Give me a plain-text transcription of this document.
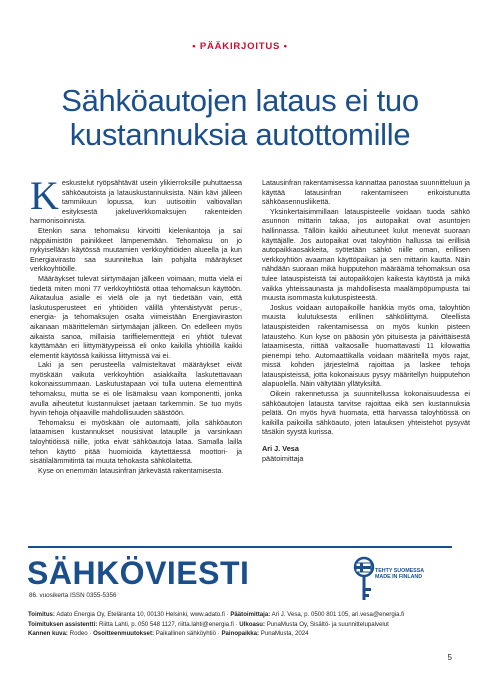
• PÄÄKIRJOITUS •
Sähköautojen lataus ei tuo
kustannuksia autottomille

Keskustelut ryöpsähtävät usein ylikierroksille puhuttaessa sähköautoista ja latauskustannuksista. Näin kävi jälleen tammikuun lopussa, kun uutisoitiin valtiovallan esityksestä jakeluverkkomaksujen rakenteiden harmonisoinnista.

Etenkin sana tehomaksu kirvoitti kielenkantoja ja sai näppäimistön painikkeet lämpenemään. Tehomaksu on jo nykyisellään käytössä muutamien verkkoyhtiöiden alueella ja kun Energiavirasto saa suunniteltua lain pohjalta määräykset verkkoyhtiöille.

Määräykset tulevat siirtymäajan jälkeen voimaan, mutta vielä ei tiedetä miten moni 77 verkkoyhtiöstä ottaa tehomaksun käyttöön. Aikataulua asialle ei vielä ole ja nyt tiedetään vain, että laskutusperusteet eri yhtiöiden välillä yhtenäistyvät perus-, energia- ja tehomaksujen osalta viimeistään Energiaviraston aikanaan määrittelemän siirtymäajan jälkeen. On edelleen myös aikaista sanoa, millaisia tariffielementtejä eri yhtiöt tulevat käyttämään eri liittymätyypeissä eli onko kaikilla yhtiöillä kaikki elementit käytössä kaikissa liittymissä vai ei.

Laki ja sen perusteella valmisteltavat määräykset eivät myöskään vaikuta verkkoyhtiön asiakkailta laskutettavaan kokonaissummaan. Laskutustapaan voi tulla uutena elementtinä tehomaksu, mutta se ei ole lisämaksu vaan komponentti, jonka avulla aiheutetut kustannukset jaetaan tarkemmin. Se tuo myös hyvin tehoja ohjaaville mahdollisuuden säästöön.

Tehomaksu ei myöskään ole automaatti, jolla sähköauton lataamisen kustannukset nousisivat latauplle ja varsinkaan taloyhtiöissä niille, jotka eivät sähköautoja lataa. Samalla lailla tehon käyttö pitää huomioida käytettäessä moottori- ja sisätilalämmitintä tai muuta tehokasta sähkölaitetta.

Kyse on enemmän latausinfran järkevästä rakentamisesta.

Latausinfran rakentamisessa kannattaa panostaa suunnitteluun ja käyttää latausinfran rakentamiseen erikoistunutta sähköasennusliikettä.

Yksinkertaisimmillaan latauspisteelle voidaan tuoda sähkö asunnon mittarin takaa, jos autopaikat ovat asuntojen hallinnassa. Tällöin kaikki aiheutuneet kulut menevät suoraan käyttäjälle. Jos autopaikat ovat taloyhtiön hallussa tai erillisiä autopaikkaosakkeita, syötetään sähkö niille oman, erillisen verkkoyhtiön avaaman käyttöpaikan ja sen mittarin kautta. Näin nähdään suoraan mikä huipputehon määräämä tehomaksun osa tulee latauspisteistä tai autopaikkojen kaikesta käytöstä ja mikä vaikka yhteissaunasta ja mahdollisesta maalämpöpumpusta tai muusta isommasta kulutuspisteestä.

Joskus voidaan autopaikoille hankkia myös oma, taloyhtiön muusta kulutuksesta erillinen sähköliittymä. Oleellista latauspisteiden rakentamisessa on myös kunkin pisteen latausteho. Kun kyse on pääosin yön pituisesta ja päivittäisestä lataamisesta, riittää valtaosalle huomattavasti 11 kilowattia pienempi teho. Automaattikalla voidaan määritellä myös rajat, missä kohden järjestelmä rajoittaa ja laskee tehoja latauspisteissä, jotta kokonaisuus pysyy määritellyn huipputehon alapuolella. Näin vältytään yllätyksiltä.

Oikein rakennetussa ja suunnitellussa kokonaisuudessa ei sähköautojen latausta tarvitse rajoittaa eikä sen kustannuksia pelätä. On myös hyvä huomata, että harvassa taloyhtiössä on kaikilla paikoilla sähköauto, joten latauksen yhteistehot pysyvät täsäkin syystä kurissa.

Ari J. Vesa
päätoimittaja
SÄHKÖVIESTI
86. vuosikerta ISSN 0355-5356
TEHTY SUOMESSA MADE IN FINLAND
Toimitus: Adato Energia Oy, Eteläranta 10, 00130 Helsinki, www.adato.fi · Päätoimittaja: Ari J. Vesa, p. 0500 801 105, ari.vesa@energia.fi
Toimituksen assistentti: Riitta Lahti, p. 050 548 1127, riitta.lahti@energia.fi · Ulkoasu: PunaMusta Oy, Sisältö- ja suunnittelupalvelut
Kannen kuva: Rodeo · Osoitteenmuutokset: Paikallinen sähköyhtiö · Painopaikka: PunaMusta, 2024
5
